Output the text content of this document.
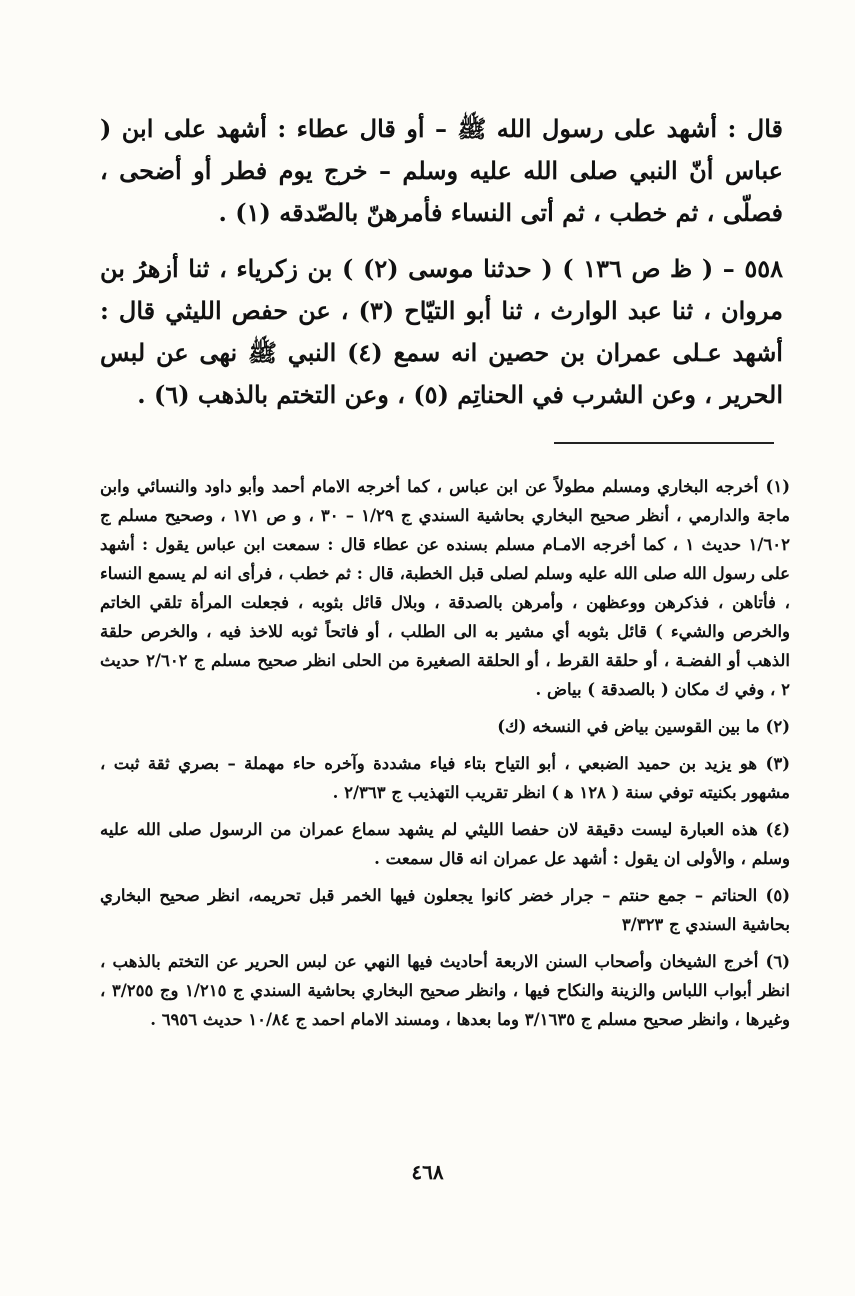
قال : أشهد على رسول الله ﷺ – أو قال عطاء : أشهد على ابن ( عباس أنّ النبي صلى الله عليه وسلم – خرج يوم فطر أو أضحى ، فصلّى ، ثم خطب ، ثم أتى النساء فأمرهنّ بالصّدقه (١) .

٥٥٨ – ( ظ ص ١٣٦ ) ( حدثنا موسى (٢) ) بن زكرياء ، ثنا أزهرُ بن مروان ، ثنا عبد الوارث ، ثنا أبو التيّاح (٣) ، عن حفص الليثي قال : أشهد عـلى عمران بن حصين انه سمع (٤) النبي ﷺ نهى عن لبس الحرير ، وعن الشرب في الحناتِم (٥) ، وعن التختم بالذهب (٦) .

(١) أخرجه البخاري ومسلم مطولاً عن ابن عباس ، كما أخرجه الامام أحمد وأبو داود والنسائي وابن ماجة والدارمي ، أنظر صحيح البخاري بحاشية السندي ج ١/٢٩ – ٣٠ ، و ص ١٧١ ، وصحيح مسلم ج ١/٦٠٢ حديث ١ ، كما أخرجه الامـام مسلم بسنده عن عطاء قال : سمعت ابن عباس يقول : أشهد على رسول الله صلى الله عليه وسلم لصلى قبل الخطبة، قال : ثم خطب ، فرأى انه لم يسمع النساء ، فأتاهن ، فذكرهن ووعظهن ، وأمرهن بالصدقة ، وبلال قائل بثوبه ، فجعلت المرأة تلقي الخاتم والخرص والشيء ) قائل بثوبه أي مشير به الى الطلب ، أو فاتحاً ثوبه للاخذ فيه ، والخرص حلقة الذهب أو الفضـة ، أو حلقة القرط ، أو الحلقة الصغيرة من الحلى انظر صحيح مسلم ج ٢/٦٠٢ حديث ٢ ، وفي ك مكان ( بالصدقة ) بياض .

(٢) ما بين القوسين بياض في النسخه (ك)

(٣) هو يزيد بن حميد الضبعي ، أبو التياح بتاء فياء مشددة وآخره حاء مهملة – بصري ثقة ثبت ، مشهور بكنيته توفي سنة ( ١٢٨ ﻫ ) انظر تقريب التهذيب ج ٢/٣٦٣ .

(٤) هذه العبارة ليست دقيقة لان حفصا الليثي لم يشهد سماع عمران من الرسول صلى الله عليه وسلم ، والأولى ان يقول : أشهد عل عمران انه قال سمعت .

(٥) الحناتم – جمع حنتم – جرار خضر كانوا يجعلون فيها الخمر قبل تحريمه، انظر صحيح البخاري بحاشية السندي ج ٣/٣٢٣

(٦) أخرج الشيخان وأصحاب السنن الاربعة أحاديث فيها النهي عن لبس الحرير عن التختم بالذهب ، انظر أبواب اللباس والزينة والنكاح فيها ، وانظر صحيح البخاري بحاشية السندي ج ١/٢١٥ وج ٣/٢٥٥ ، وغيرها ، وانظر صحيح مسلم ج ٣/١٦٣٥ وما بعدها ، ومسند الامام احمد ج ١٠/٨٤ حديث ٦٩٥٦ .

٤٦٨
